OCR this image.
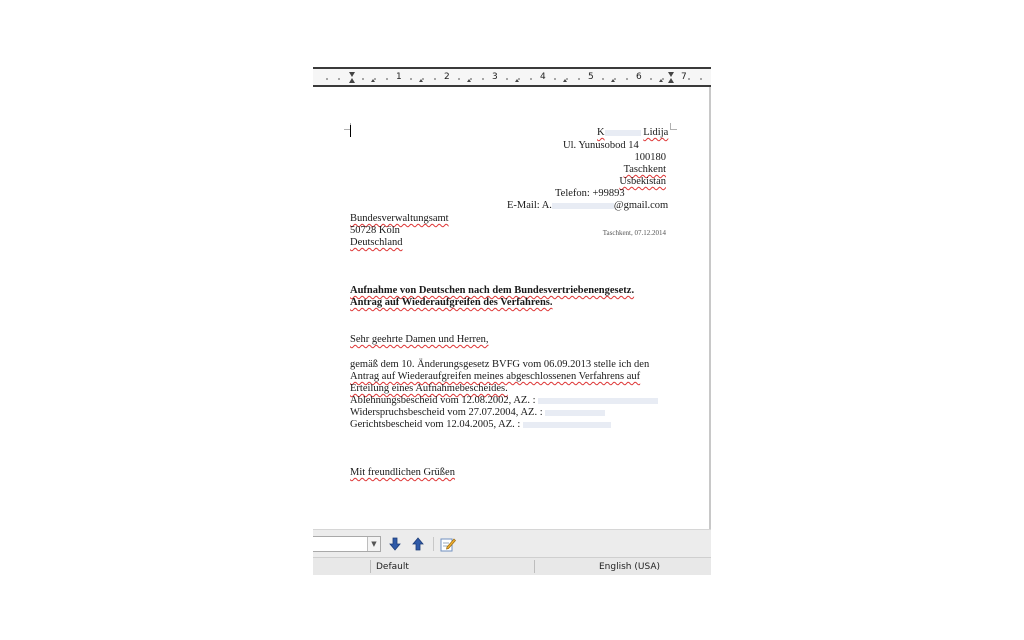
1	2	3	4	5	6	7
K	Lidija
Ul. Yunusobod 14
100180
Taschkent
Usbekistan
Telefon: +99893
E-Mail: A.	@gmail.com
Bundesverwaltungsamt
Taschkent, 07.12.2014
50728 Köln
Deutschland
Aufnahme von Deutschen nach dem Bundesvertriebenengesetz.
Antrag auf Wiederaufgreifen des Verfahrens.
Sehr geehrte Damen und Herren,
gemäß dem 10. Änderungsgesetz BVFG vom 06.09.2013 stelle ich den
Antrag auf Wiederaufgreifen meines abgeschlossenen Verfahrens auf
Erteilung eines Aufnahmebescheides.
Ablehnungsbescheid vom 12.08.2002, AZ. :
Widerspruchsbescheid vom 27.07.2004, AZ. :
Gerichtsbescheid vom 12.04.2005, AZ. :
Mit freundlichen Grüßen
▼
Default	English (USA)
